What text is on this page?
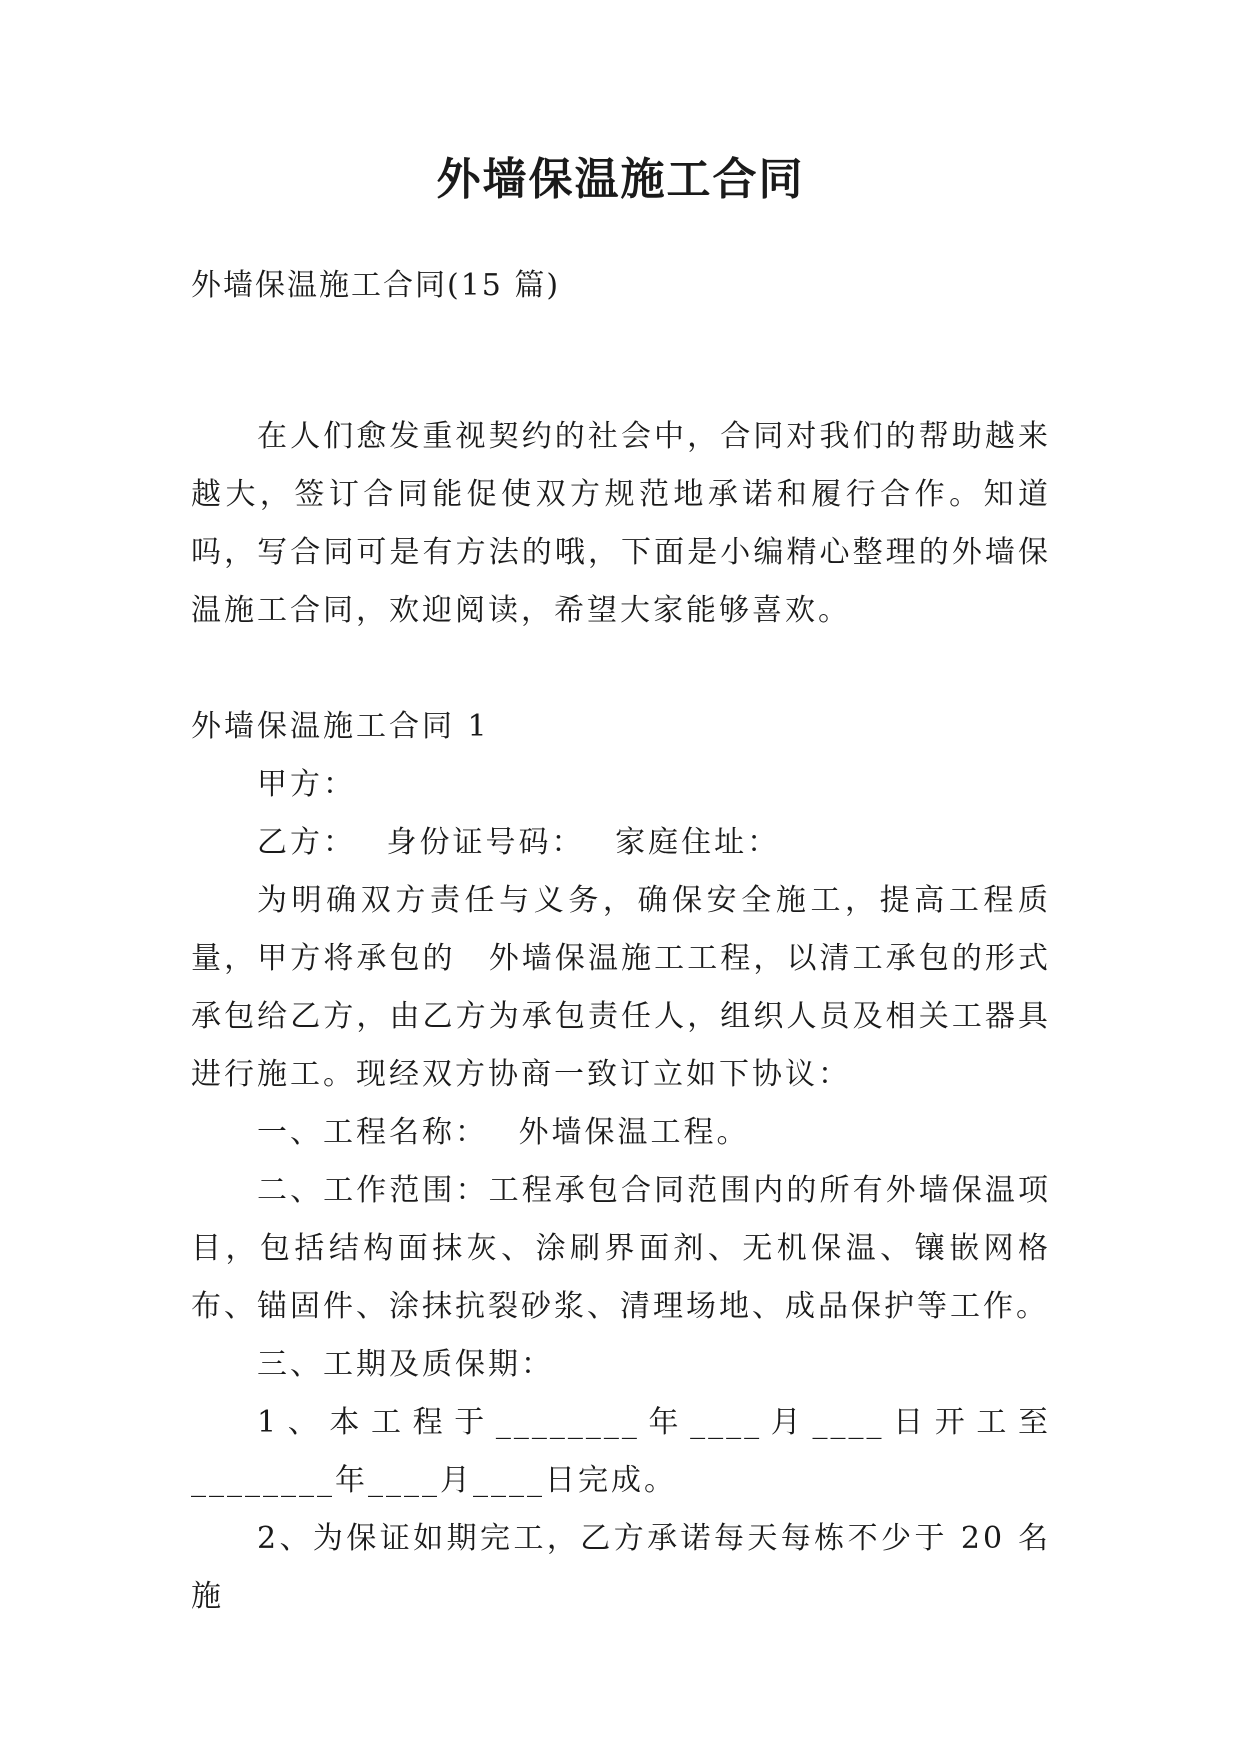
外墙保温施工合同
外墙保温施工合同(15 篇)

在人们愈发重视契约的社会中，合同对我们的帮助越来越大，签订合同能促使双方规范地承诺和履行合作。知道吗，写合同可是有方法的哦，下面是小编精心整理的外墙保温施工合同，欢迎阅读，希望大家能够喜欢。

外墙保温施工合同 1

甲方：

乙方：　 身份证号码：　 家庭住址：

为明确双方责任与义务，确保安全施工，提高工程质量，甲方将承包的　外墙保温施工工程，以清工承包的形式承包给乙方，由乙方为承包责任人，组织人员及相关工器具进行施工。现经双方协商一致订立如下协议：

一、工程名称：　 外墙保温工程。

二、工作范围：工程承包合同范围内的所有外墙保温项目，包括结构面抹灰、涂刷界面剂、无机保温、镶嵌网格布、锚固件、涂抹抗裂砂浆、清理场地、成品保护等工作。

三、工期及质保期：

1、本工程于________年____月____日开工至________年____月____日完成。

2、为保证如期完工，乙方承诺每天每栋不少于 20 名施
